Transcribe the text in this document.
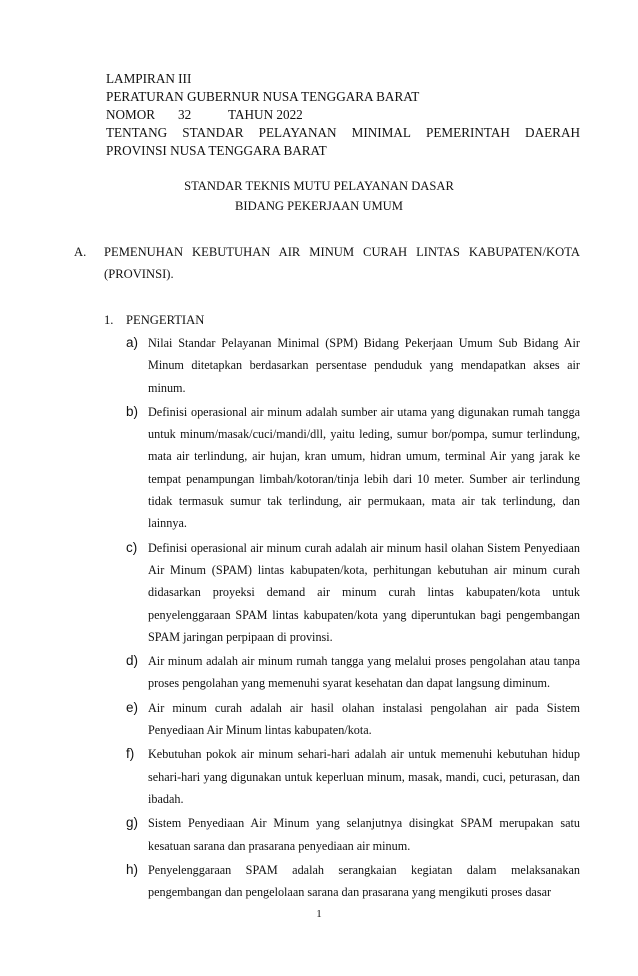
LAMPIRAN III
PERATURAN GUBERNUR NUSA TENGGARA BARAT
NOMOR	32	TAHUN 2022
TENTANG STANDAR PELAYANAN MINIMAL PEMERINTAH DAERAH
PROVINSI NUSA TENGGARA BARAT
STANDAR TEKNIS MUTU PELAYANAN DASAR
BIDANG PEKERJAAN UMUM
A. PEMENUHAN KEBUTUHAN AIR MINUM CURAH LINTAS KABUPATEN/KOTA (PROVINSI).
1. PENGERTIAN
a) Nilai Standar Pelayanan Minimal (SPM) Bidang Pekerjaan Umum Sub Bidang Air Minum ditetapkan berdasarkan persentase penduduk yang mendapatkan akses air minum.
b) Definisi operasional air minum adalah sumber air utama yang digunakan rumah tangga untuk minum/masak/cuci/mandi/dll, yaitu leding, sumur bor/pompa, sumur terlindung, mata air terlindung, air hujan, kran umum, hidran umum, terminal Air yang jarak ke tempat penampungan limbah/kotoran/tinja lebih dari 10 meter. Sumber air terlindung tidak termasuk sumur tak terlindung, air permukaan, mata air tak terlindung, dan lainnya.
c) Definisi operasional air minum curah adalah air minum hasil olahan Sistem Penyediaan Air Minum (SPAM) lintas kabupaten/kota, perhitungan kebutuhan air minum curah didasarkan proyeksi demand air minum curah lintas kabupaten/kota untuk penyelenggaraan SPAM lintas kabupaten/kota yang diperuntukan bagi pengembangan SPAM jaringan perpipaan di provinsi.
d) Air minum adalah air minum rumah tangga yang melalui proses pengolahan atau tanpa proses pengolahan yang memenuhi syarat kesehatan dan dapat langsung diminum.
e) Air minum curah adalah air hasil olahan instalasi pengolahan air pada Sistem Penyediaan Air Minum lintas kabupaten/kota.
f) Kebutuhan pokok air minum sehari-hari adalah air untuk memenuhi kebutuhan hidup sehari-hari yang digunakan untuk keperluan minum, masak, mandi, cuci, peturasan, dan ibadah.
g) Sistem Penyediaan Air Minum yang selanjutnya disingkat SPAM merupakan satu kesatuan sarana dan prasarana penyediaan air minum.
h) Penyelenggaraan SPAM adalah serangkaian kegiatan dalam melaksanakan pengembangan dan pengelolaan sarana dan prasarana yang mengikuti proses dasar
1
